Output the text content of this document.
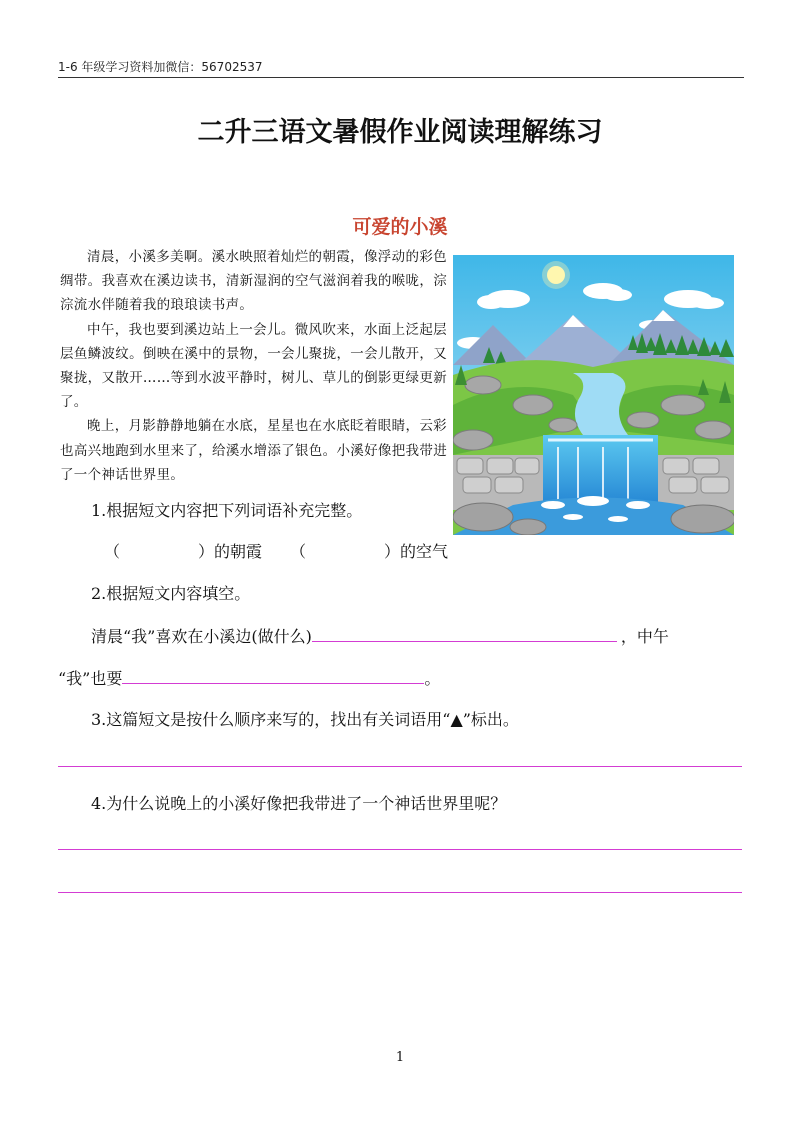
1-6 年级学习资料加微信：56702537
二升三语文暑假作业阅读理解练习
可爱的小溪

清晨，小溪多美啊。溪水映照着灿烂的朝霞，像浮动的彩色绸带。我喜欢在溪边读书，清新湿润的空气滋润着我的喉咙，淙淙流水伴随着我的琅琅读书声。

中午，我也要到溪边站上一会儿。微风吹来，水面上泛起层层鱼鳞波纹。倒映在溪中的景物，一会儿聚拢，一会儿散开，又聚拢，又散开……等到水波平静时，树儿、草儿的倒影更绿更新了。

晚上，月影静静地躺在水底，星星也在水底眨着眼睛，云彩也高兴地跑到水里来了，给溪水增添了银色。小溪好像把我带进了一个神话世界里。

1.根据短文内容把下列词语补充完整。
（	）的朝霞 （	）的空气
2.根据短文内容填空。
清晨“我”喜欢在小溪边(做什么)	，中午
“我”也要	。
3.这篇短文是按什么顺序来写的，找出有关词语用“▲”标出。
4.为什么说晚上的小溪好像把我带进了一个神话世界里呢？
1
